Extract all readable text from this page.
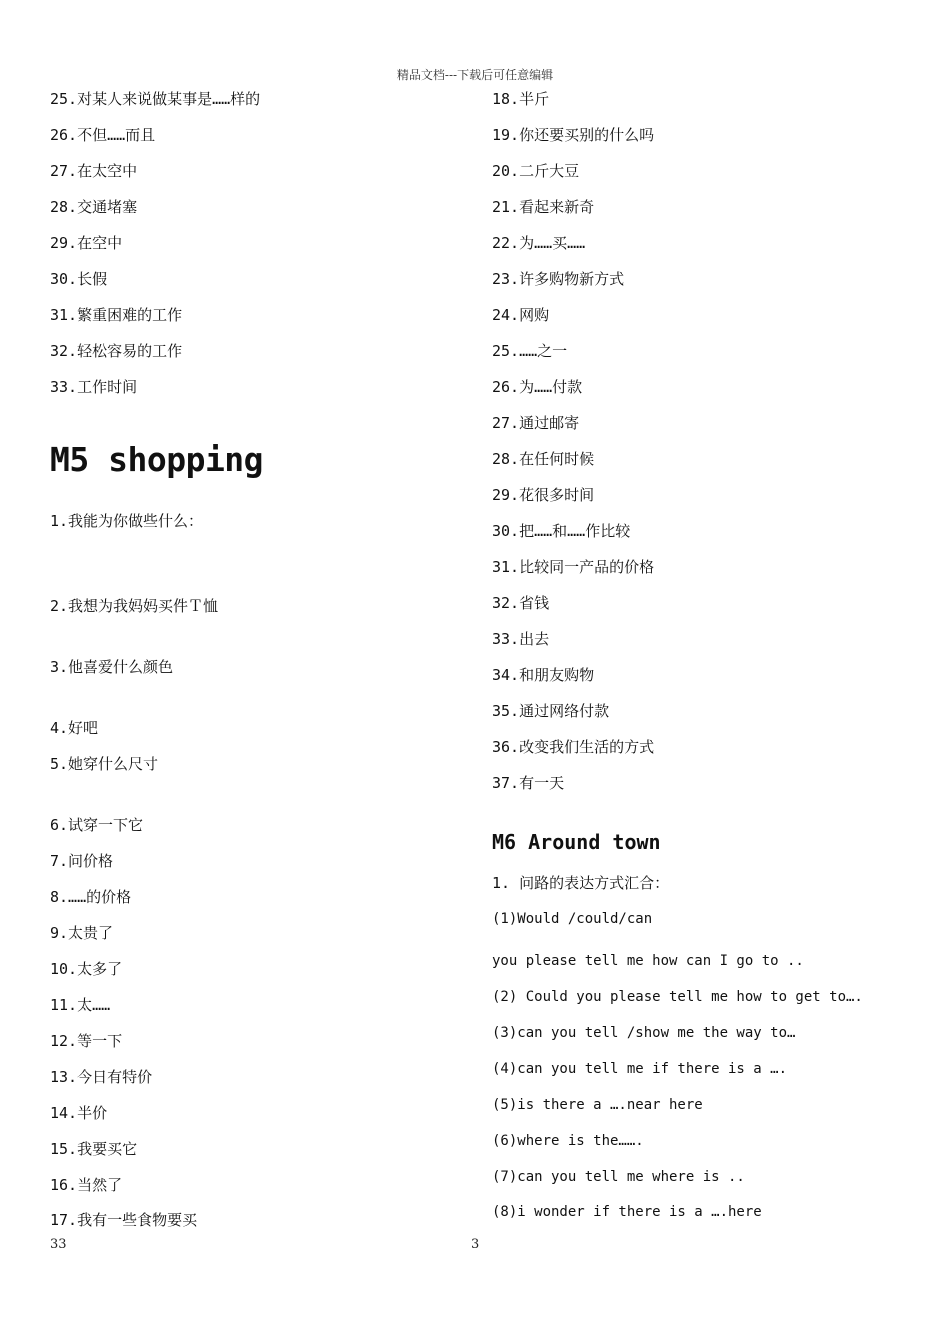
精品文档---下载后可任意编辑
25.对某人来说做某事是……样的
26.不但……而且
27.在太空中
28.交通堵塞
29.在空中
30.长假
31.繁重困难的工作
32.轻松容易的工作
33.工作时间
M5 shopping
1.我能为你做些什么：
2.我想为我妈妈买件Ｔ恤
3.他喜爱什么颜色
4.好吧
5.她穿什么尺寸
6.试穿一下它
7.问价格
8.……的价格
9.太贵了
10.太多了
11.太……
12.等一下
13.今日有特价
14.半价
15.我要买它
16.当然了
17.我有一些食物要买
18.半斤
19.你还要买别的什么吗
20.二斤大豆
21.看起来新奇
22.为……买……
23.许多购物新方式
24.网购
25.……之一
26.为……付款
27.通过邮寄
28.在任何时候
29.花很多时间
30.把……和……作比较
31.比较同一产品的价格
32.省钱
33.出去
34.和朋友购物
35.通过网络付款
36.改变我们生活的方式
37.有一天
M6 Around town
1. 问路的表达方式汇合：
(1)Would /could/can
you please tell me how can I go to ..
(2) Could you please tell me how to get to….
(3)can you tell /show me the way to…
(4)can you tell me if there is a ….
(5)is there a ….near here
(6)where is the…….
(7)can you tell me where is ..
(8)i wonder if there is a ….here
33	3
